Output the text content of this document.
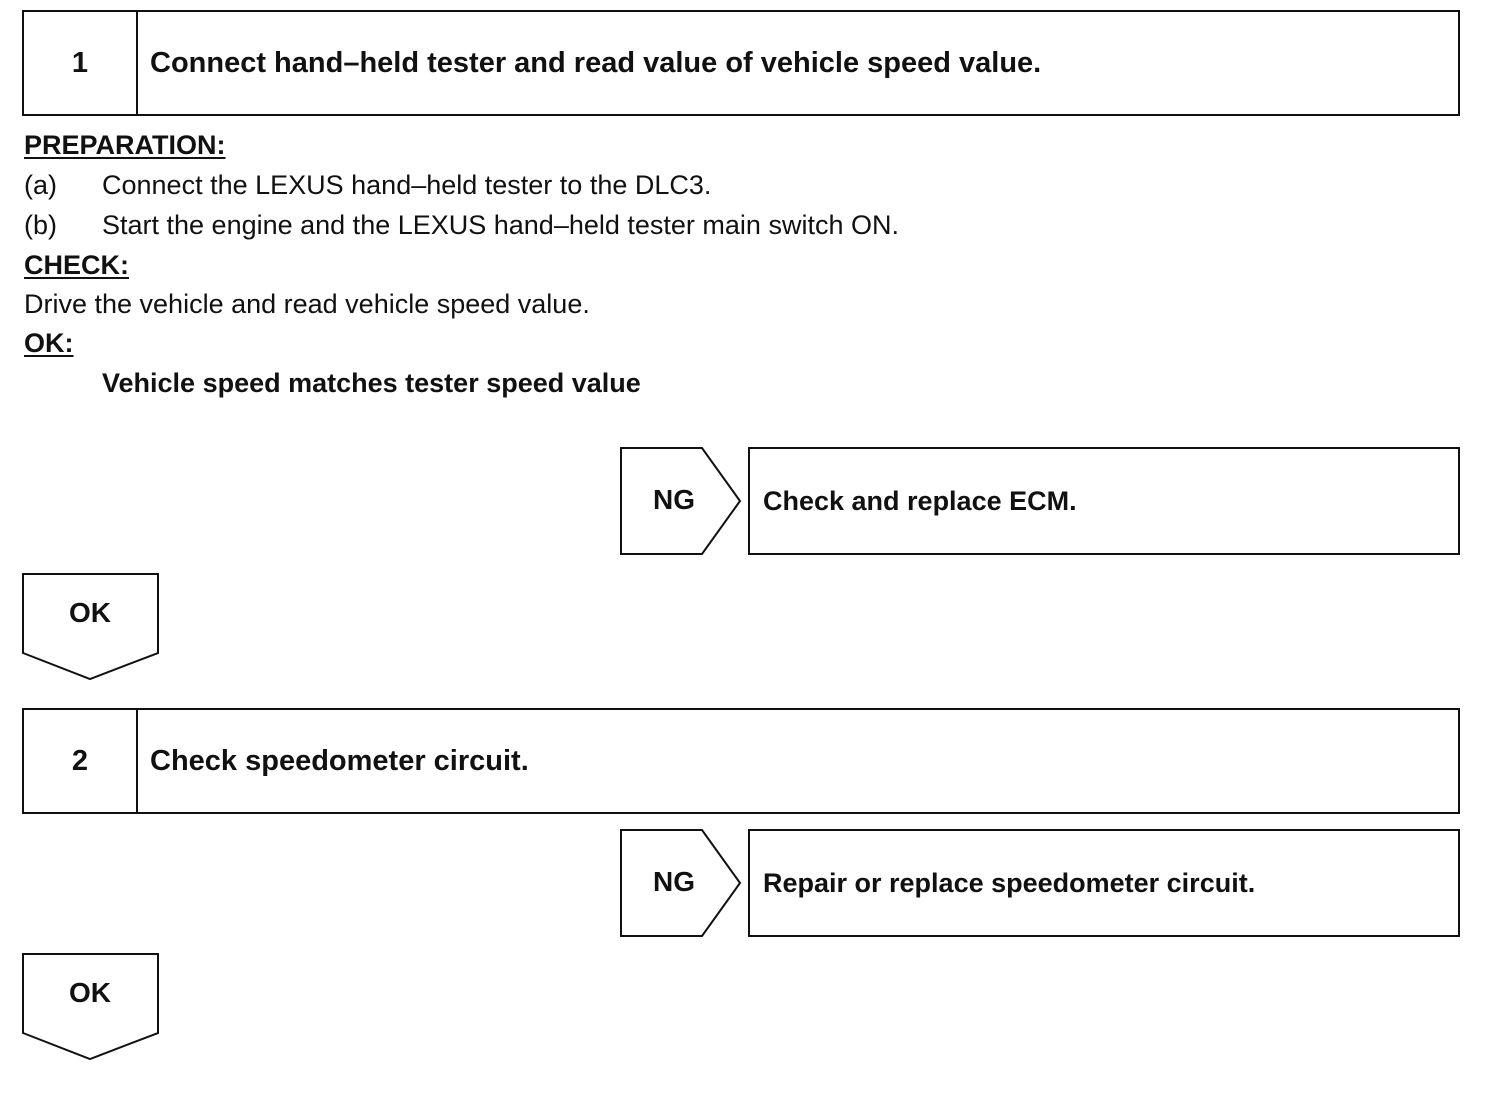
1	Connect hand–held tester and read value of vehicle speed value.
PREPARATION:
(a) Connect the LEXUS hand–held tester to the DLC3.
(b) Start the engine and the LEXUS hand–held tester main switch ON.
CHECK:
Drive the vehicle and read vehicle speed value.
OK:
Vehicle speed matches tester speed value
NG	Check and replace ECM.
OK
2	Check speedometer circuit.
NG	Repair or replace speedometer circuit.
OK
